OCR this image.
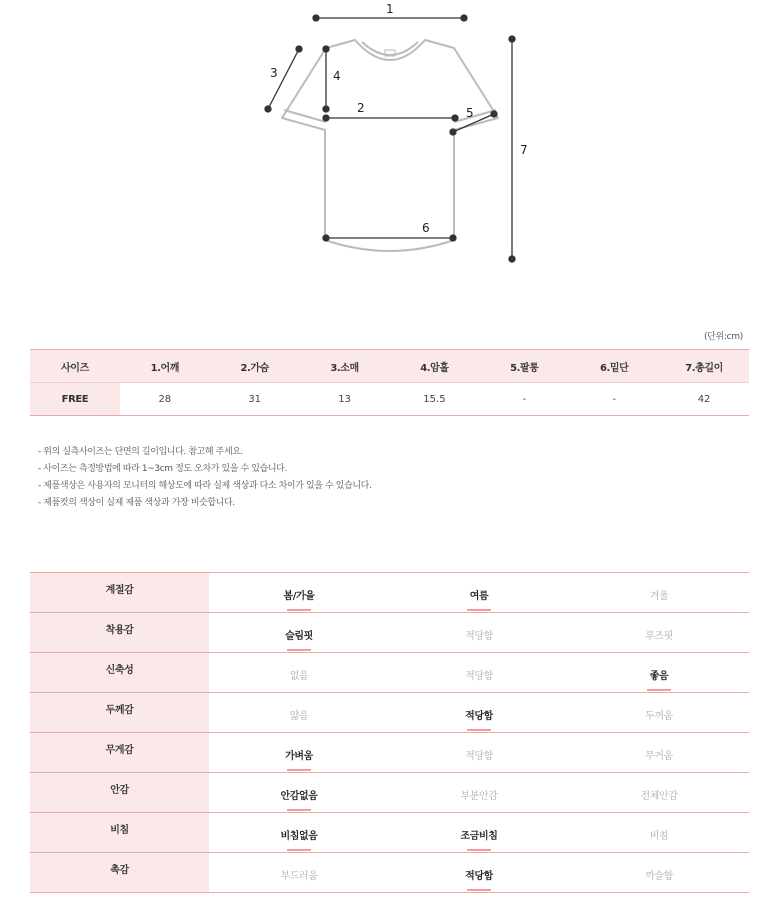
1
2
3	4
5
6
7
(단위:cm)
사이즈	1.어깨	2.가슴	3.소매	4.암홀	5.팔통	6.밑단	7.총길이
FREE	28	31	13	15.5	-	-	42
- 위의 실측사이즈는 단면의 길이입니다. 참고해 주세요.
- 사이즈는 측정방법에 따라 1~3cm 정도 오차가 있을 수 있습니다.
- 제품색상은 사용자의 모니터의 해상도에 따라 실제 색상과 다소 차이가 있을 수 있습니다.
- 제품컷의 색상이 실제 제품 색상과 가장 비슷합니다.
계절감	봄/가을	여름	겨울
착용감	슬림핏	적당함	루즈핏
신축성	없음	적당함	좋음
두께감	얇음	적당함	두꺼움
무게감	가벼움	적당함	무거움
안감	안감없음	부분안감	전체안감
비침	비침없음	조금비침	비침
촉감	부드러움	적당함	까슬함
